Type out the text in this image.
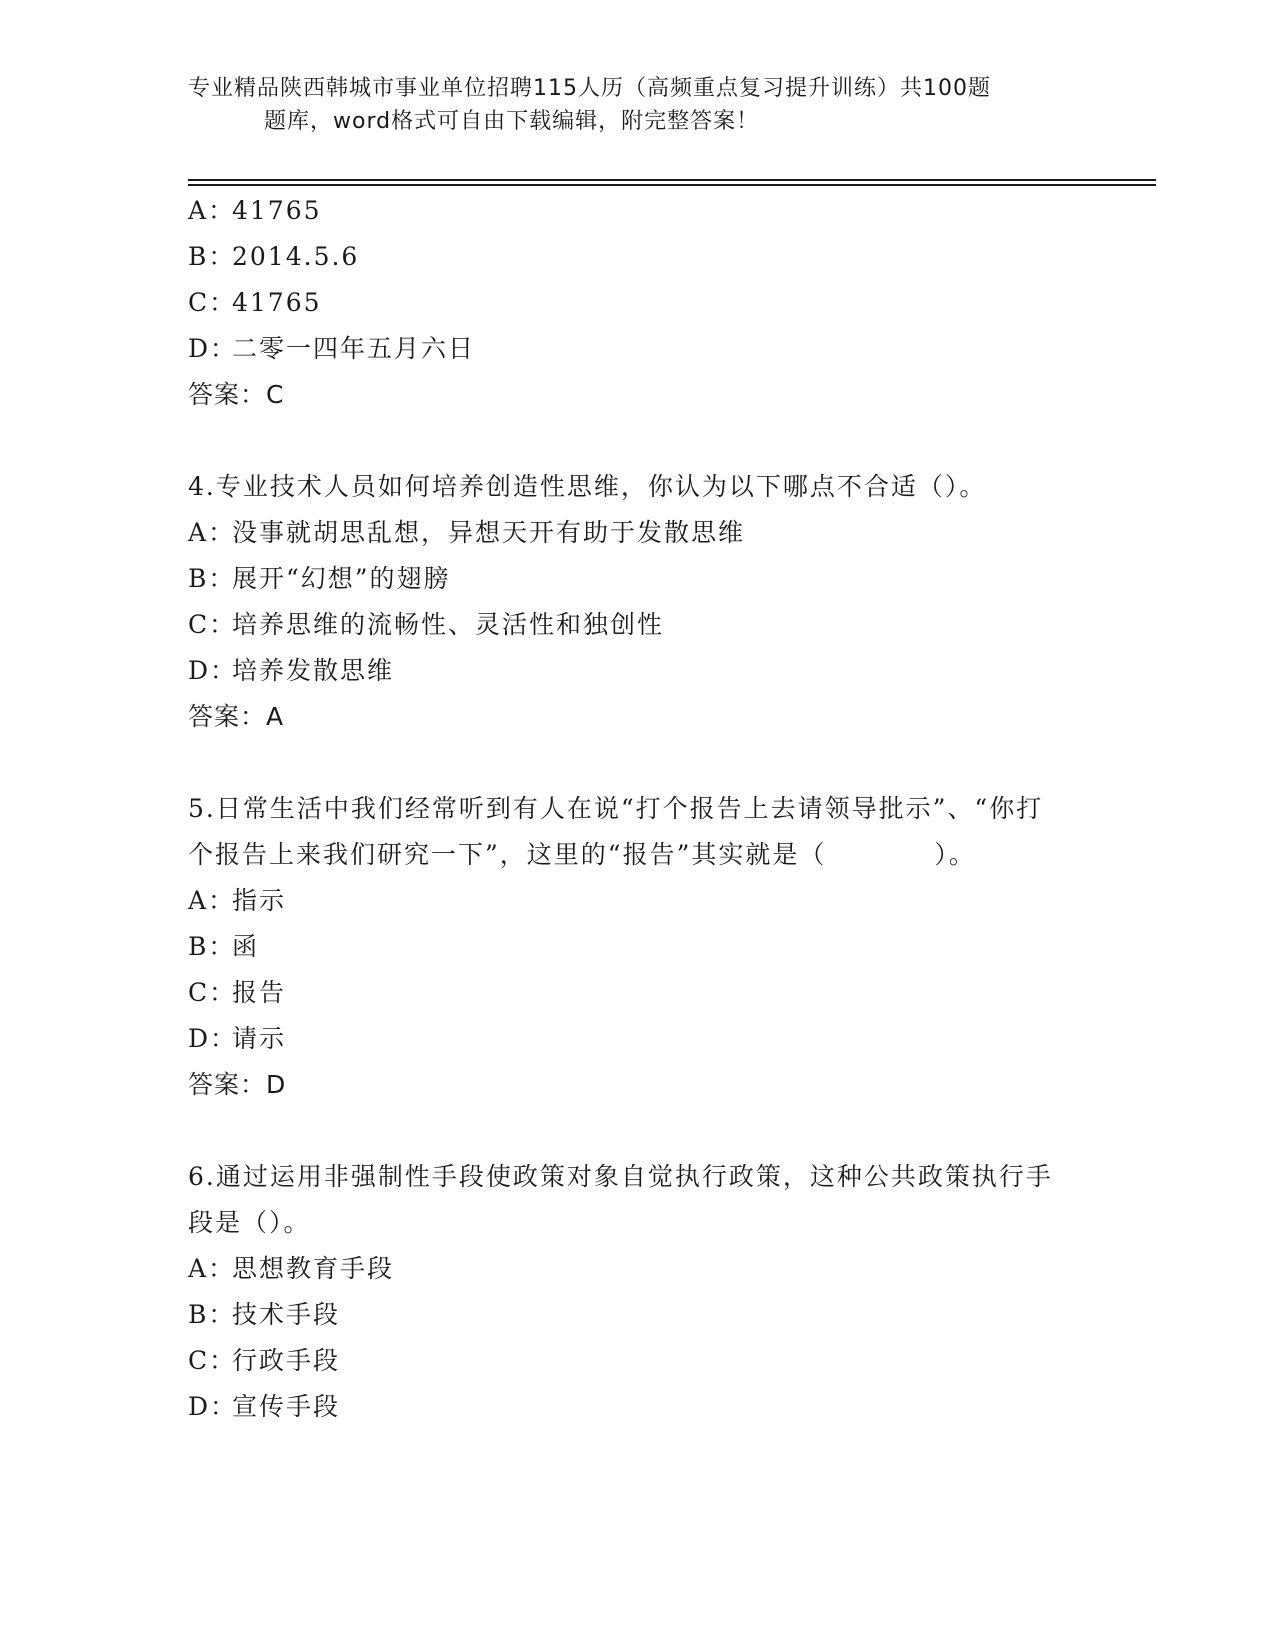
专业精品陕西韩城市事业单位招聘115人历（高频重点复习提升训练）共100题
题库，word格式可自由下载编辑，附完整答案！
A：41765
B：2014.5.6
C：41765
D：二零一四年五月六日
答案：C
4.专业技术人员如何培养创造性思维，你认为以下哪点不合适（）。
A：没事就胡思乱想，异想天开有助于发散思维
B：展开“幻想”的翅膀
C：培养思维的流畅性、灵活性和独创性
D：培养发散思维
答案：A
5.日常生活中我们经常听到有人在说“打个报告上去请领导批示”、“你打个报告上来我们研究一下”，这里的“报告”其实就是（　　　　）。
A：指示
B：函
C：报告
D：请示
答案：D
6.通过运用非强制性手段使政策对象自觉执行政策，这种公共政策执行手段是（）。
A：思想教育手段
B：技术手段
C：行政手段
D：宣传手段
